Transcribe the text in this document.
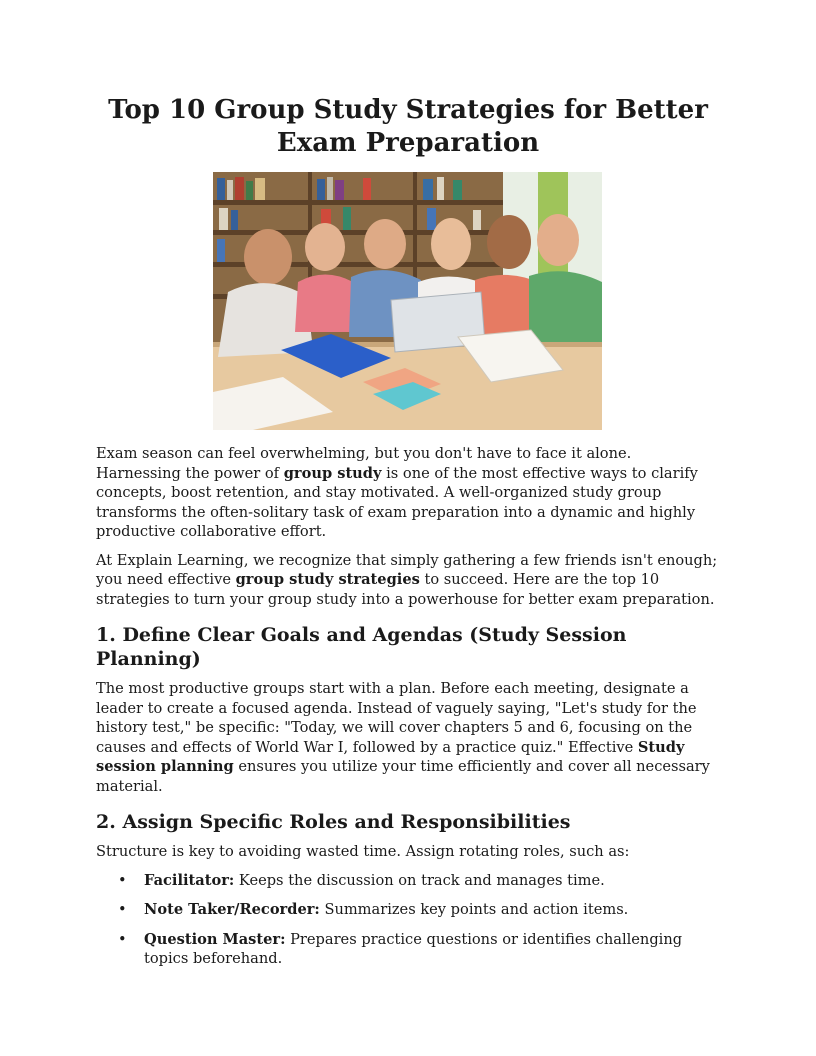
Top 10 Group Study Strategies for Better Exam Preparation

Exam season can feel overwhelming, but you don't have to face it alone. Harnessing the power of group study is one of the most effective ways to clarify concepts, boost retention, and stay motivated. A well-organized study group transforms the often-solitary task of exam preparation into a dynamic and highly productive collaborative effort.

At Explain Learning, we recognize that simply gathering a few friends isn't enough; you need effective group study strategies to succeed. Here are the top 10 strategies to turn your group study into a powerhouse for better exam preparation.

1. Define Clear Goals and Agendas (Study Session Planning)

The most productive groups start with a plan. Before each meeting, designate a leader to create a focused agenda. Instead of vaguely saying, "Let's study for the history test," be specific: "Today, we will cover chapters 5 and 6, focusing on the causes and effects of World War I, followed by a practice quiz." Effective Study session planning ensures you utilize your time efficiently and cover all necessary material.

2. Assign Specific Roles and Responsibilities

Structure is key to avoiding wasted time. Assign rotating roles, such as:

• Facilitator: Keeps the discussion on track and manages time.
• Note Taker/Recorder: Summarizes key points and action items.
• Question Master: Prepares practice questions or identifies challenging topics beforehand.
